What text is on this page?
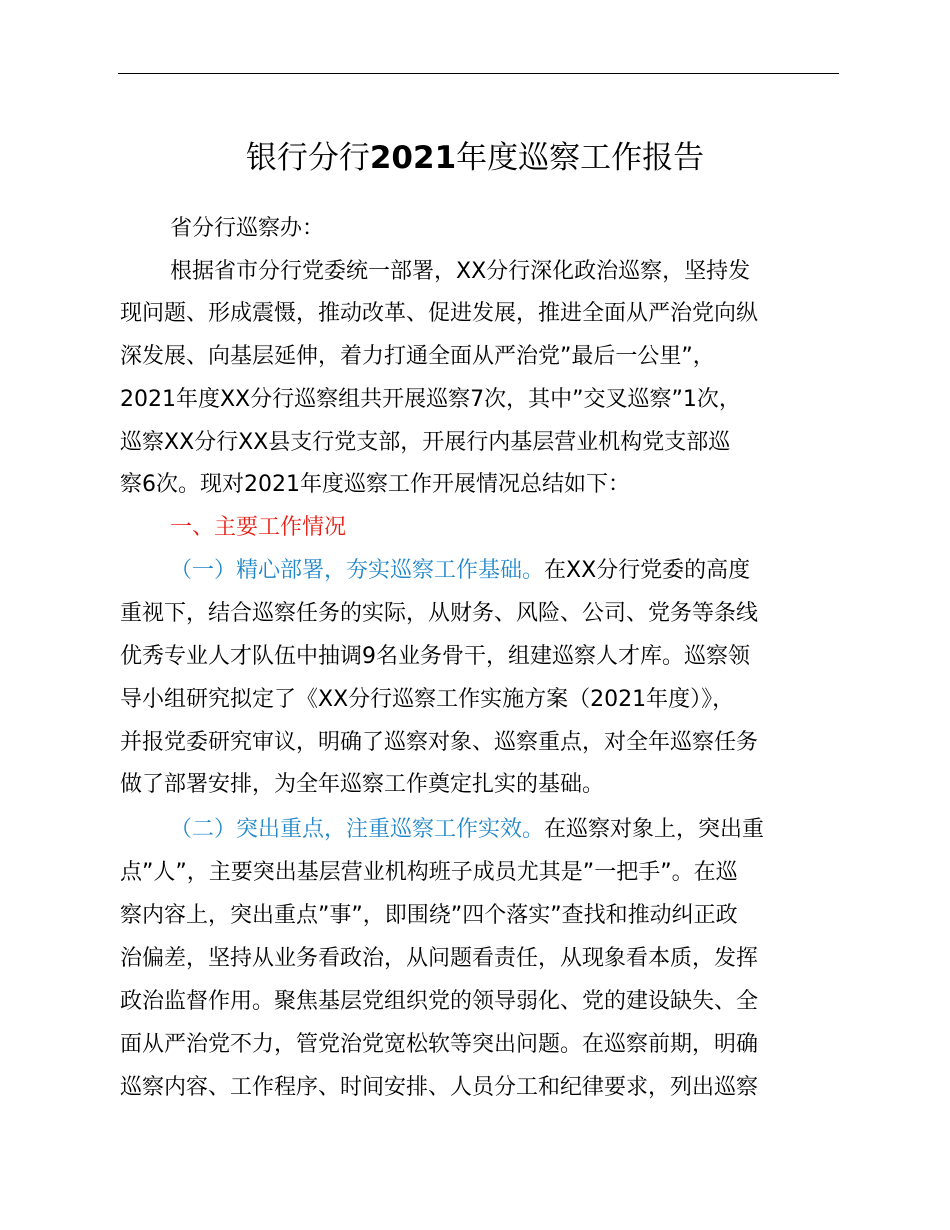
银行分行2021年度巡察工作报告
省分行巡察办：
根据省市分行党委统一部署，XX分行深化政治巡察，坚持发
现问题、形成震慑，推动改革、促进发展，推进全面从严治党向纵
深发展、向基层延伸，着力打通全面从严治党”最后一公里”，
2021年度XX分行巡察组共开展巡察7次，其中”交叉巡察”1次，
巡察XX分行XX县支行党支部，开展行内基层营业机构党支部巡
察6次。现对2021年度巡察工作开展情况总结如下：
一、主要工作情况
（一）精心部署，夯实巡察工作基础。在XX分行党委的高度
重视下，结合巡察任务的实际，从财务、风险、公司、党务等条线
优秀专业人才队伍中抽调9名业务骨干，组建巡察人才库。巡察领
导小组研究拟定了《XX分行巡察工作实施方案（2021年度）》，
并报党委研究审议，明确了巡察对象、巡察重点，对全年巡察任务
做了部署安排，为全年巡察工作奠定扎实的基础。
（二）突出重点，注重巡察工作实效。在巡察对象上，突出重
点”人”，主要突出基层营业机构班子成员尤其是”一把手”。在巡
察内容上，突出重点”事”，即围绕”四个落实”查找和推动纠正政
治偏差，坚持从业务看政治，从问题看责任，从现象看本质，发挥
政治监督作用。聚焦基层党组织党的领导弱化、党的建设缺失、全
面从严治党不力，管党治党宽松软等突出问题。在巡察前期，明确
巡察内容、工作程序、时间安排、人员分工和纪律要求，列出巡察
